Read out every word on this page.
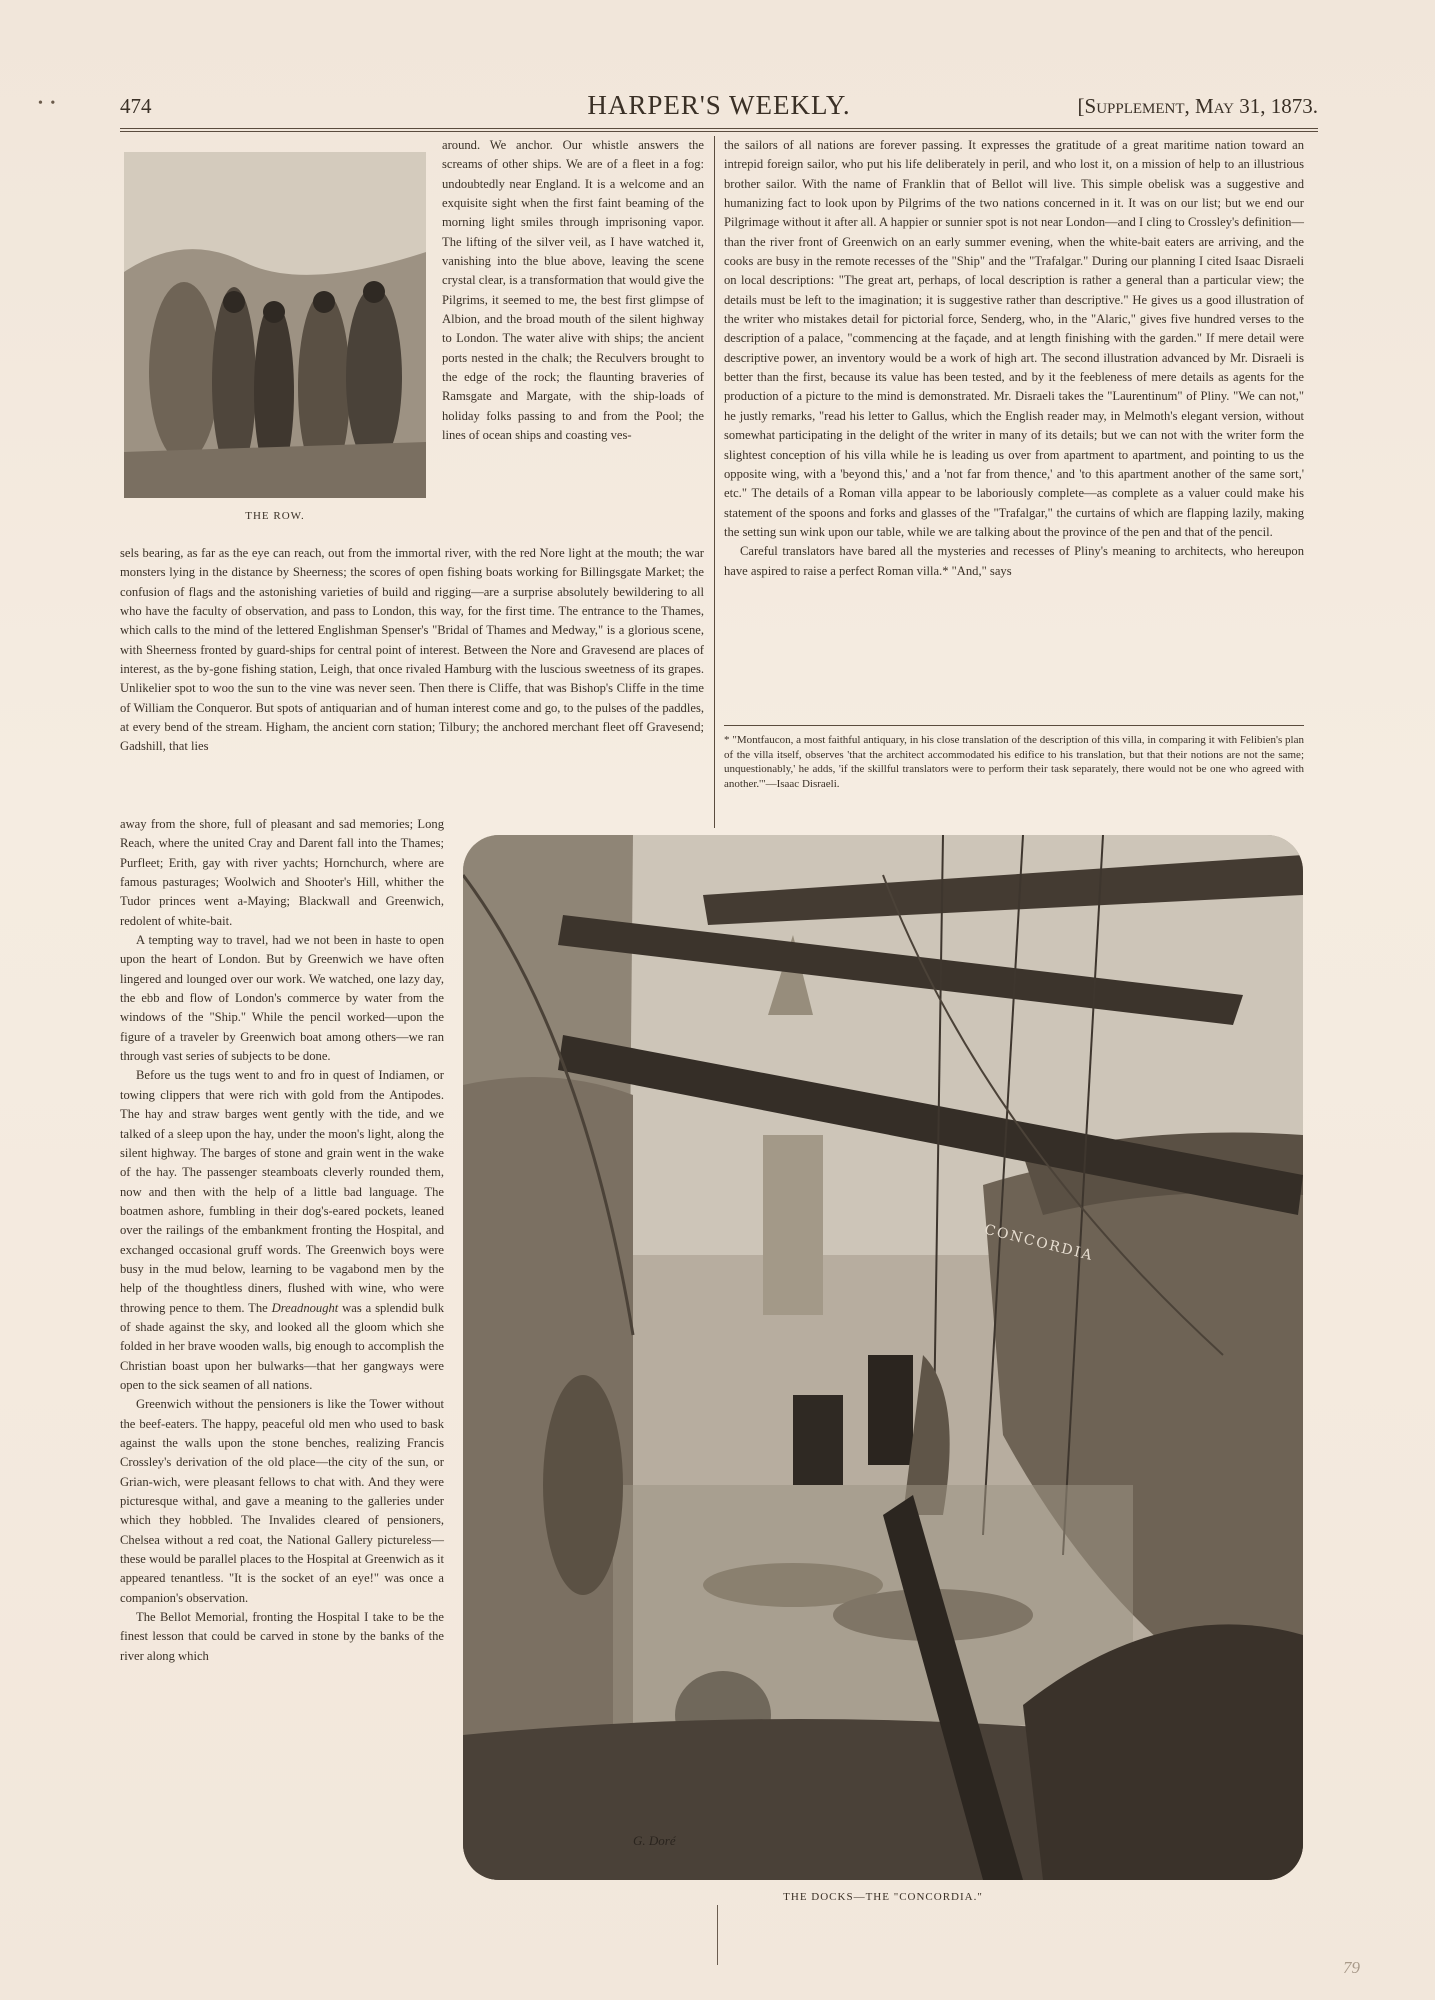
• •	474	HARPER'S WEEKLY.	[Supplement, May 31, 1873.
THE ROW.

around. We anchor. Our whistle answers the screams of other ships. We are of a fleet in a fog: undoubtedly near England. It is a welcome and an exquisite sight when the first faint beaming of the morning light smiles through imprisoning vapor. The lifting of the silver veil, as I have watched it, vanishing into the blue above, leaving the scene crystal clear, is a transformation that would give the Pilgrims, it seemed to me, the best first glimpse of Albion, and the broad mouth of the silent highway to London. The water alive with ships; the ancient ports nested in the chalk; the Reculvers brought to the edge of the rock; the flaunting braveries of Ramsgate and Margate, with the ship-loads of holiday folks passing to and from the Pool; the lines of ocean ships and coasting ves-

sels bearing, as far as the eye can reach, out from the immortal river, with the red Nore light at the mouth; the war monsters lying in the distance by Sheerness; the scores of open fishing boats working for Billingsgate Market; the confusion of flags and the astonishing varieties of build and rigging—are a surprise absolutely bewildering to all who have the faculty of observation, and pass to London, this way, for the first time. The entrance to the Thames, which calls to the mind of the lettered Englishman Spenser's "Bridal of Thames and Medway," is a glorious scene, with Sheerness fronted by guard-ships for central point of interest. Between the Nore and Gravesend are places of interest, as the by-gone fishing station, Leigh, that once rivaled Hamburg with the luscious sweetness of its grapes. Unlikelier spot to woo the sun to the vine was never seen. Then there is Cliffe, that was Bishop's Cliffe in the time of William the Conqueror. But spots of antiquarian and of human interest come and go, to the pulses of the paddles, at every bend of the stream. Higham, the ancient corn station; Tilbury; the anchored merchant fleet off Gravesend; Gadshill, that lies

the sailors of all nations are forever passing. It expresses the gratitude of a great maritime nation toward an intrepid foreign sailor, who put his life deliberately in peril, and who lost it, on a mission of help to an illustrious brother sailor. With the name of Franklin that of Bellot will live. This simple obelisk was a suggestive and humanizing fact to look upon by Pilgrims of the two nations concerned in it. It was on our list; but we end our Pilgrimage without it after all. A happier or sunnier spot is not near London—and I cling to Crossley's definition—than the river front of Greenwich on an early summer evening, when the white-bait eaters are arriving, and the cooks are busy in the remote recesses of the "Ship" and the "Trafalgar." During our planning I cited Isaac Disraeli on local descriptions: "The great art, perhaps, of local description is rather a general than a particular view; the details must be left to the imagination; it is suggestive rather than descriptive." He gives us a good illustration of the writer who mistakes detail for pictorial force, Senderg, who, in the "Alaric," gives five hundred verses to the description of a palace, "commencing at the façade, and at length finishing with the garden." If mere detail were descriptive power, an inventory would be a work of high art. The second illustration advanced by Mr. Disraeli is better than the first, because its value has been tested, and by it the feebleness of mere details as agents for the production of a picture to the mind is demonstrated. Mr. Disraeli takes the "Laurentinum" of Pliny. "We can not," he justly remarks, "read his letter to Gallus, which the English reader may, in Melmoth's elegant version, without somewhat participating in the delight of the writer in many of its details; but we can not with the writer form the slightest conception of his villa while he is leading us over from apartment to apartment, and pointing to us the opposite wing, with a 'beyond this,' and a 'not far from thence,' and 'to this apartment another of the same sort,' etc." The details of a Roman villa appear to be laboriously complete—as complete as a valuer could make his statement of the spoons and forks and glasses of the "Trafalgar," the curtains of which are flapping lazily, making the setting sun wink upon our table, while we are talking about the province of the pen and that of the pencil.

Careful translators have bared all the mysteries and recesses of Pliny's meaning to architects, who hereupon have aspired to raise a perfect Roman villa.* "And," says

* "Montfaucon, a most faithful antiquary, in his close translation of the description of this villa, in comparing it with Felibien's plan of the villa itself, observes 'that the architect accommodated his edifice to his translation, but that their notions are not the same; unquestionably,' he adds, 'if the skillful translators were to perform their task separately, there would not be one who agreed with another.'"—Isaac Disraeli.

away from the shore, full of pleasant and sad memories; Long Reach, where the united Cray and Darent fall into the Thames; Purfleet; Erith, gay with river yachts; Hornchurch, where are famous pasturages; Woolwich and Shooter's Hill, whither the Tudor princes went a-Maying; Blackwall and Greenwich, redolent of white-bait.

A tempting way to travel, had we not been in haste to open upon the heart of London. But by Greenwich we have often lingered and lounged over our work. We watched, one lazy day, the ebb and flow of London's commerce by water from the windows of the "Ship." While the pencil worked—upon the figure of a traveler by Greenwich boat among others—we ran through vast series of subjects to be done.

Before us the tugs went to and fro in quest of Indiamen, or towing clippers that were rich with gold from the Antipodes. The hay and straw barges went gently with the tide, and we talked of a sleep upon the hay, under the moon's light, along the silent highway. The barges of stone and grain went in the wake of the hay. The passenger steamboats cleverly rounded them, now and then with the help of a little bad language. The boatmen ashore, fumbling in their dog's-eared pockets, leaned over the railings of the embankment fronting the Hospital, and exchanged occasional gruff words. The Greenwich boys were busy in the mud below, learning to be vagabond men by the help of the thoughtless diners, flushed with wine, who were throwing pence to them. The Dreadnought was a splendid bulk of shade against the sky, and looked all the gloom which she folded in her brave wooden walls, big enough to accomplish the Christian boast upon her bulwarks—that her gangways were open to the sick seamen of all nations.

Greenwich without the pensioners is like the Tower without the beef-eaters. The happy, peaceful old men who used to bask against the walls upon the stone benches, realizing Francis Crossley's derivation of the old place—the city of the sun, or Grian-wich, were pleasant fellows to chat with. And they were picturesque withal, and gave a meaning to the galleries under which they hobbled. The Invalides cleared of pensioners, Chelsea without a red coat, the National Gallery pictureless—these would be parallel places to the Hospital at Greenwich as it appeared tenantless. "It is the socket of an eye!" was once a companion's observation.

The Bellot Memorial, fronting the Hospital I take to be the finest lesson that could be carved in stone by the banks of the river along which

CONCORDIA
G. Doré
THE DOCKS—THE "CONCORDIA."
79
